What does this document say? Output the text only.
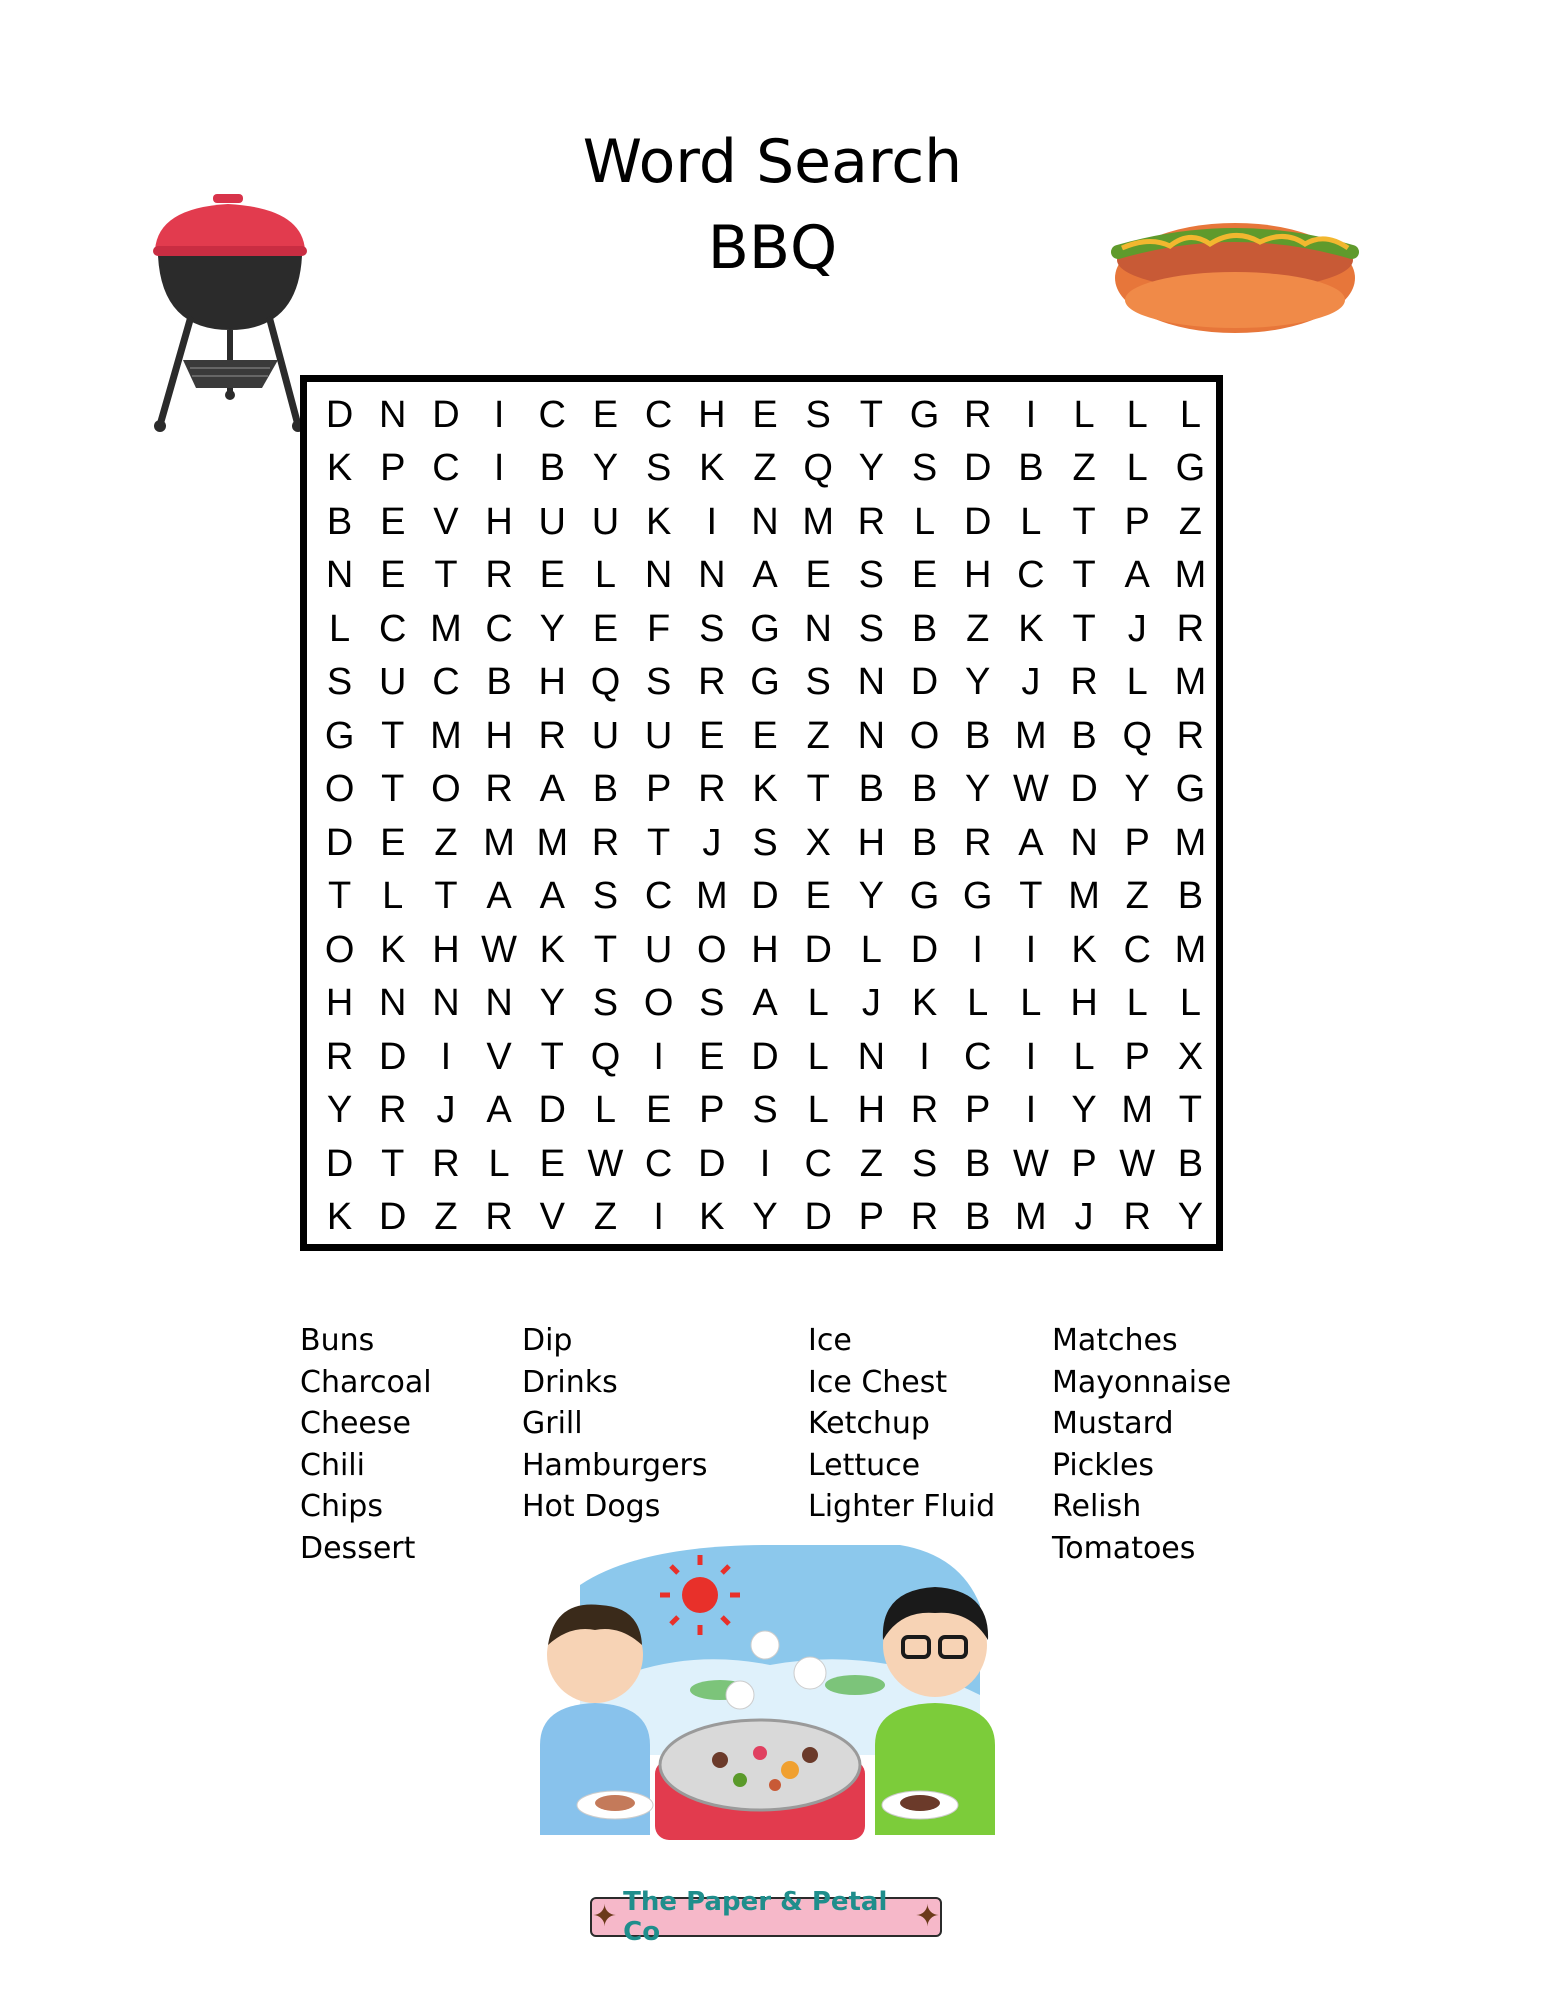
Word Search
BBQ
D N D I C E C H E S T G R I L L L
K P C I B Y S K Z Q Y S D B Z L G
B E V H U U K I N M R L D L T P Z
N E T R E L N N A E S E H C T A M
L C M C Y E F S G N S B Z K T J R
S U C B H Q S R G S N D Y J R L M
G T M H R U U E E Z N O B M B Q R
O T O R A B P R K T B B Y W D Y G
D E Z M M R T J S X H B R A N P M
T L T A A S C M D E Y G G T M Z B
O K H W K T U O H D L D I	I K C M
H N N N Y S O S A L J K L L H L L
R D I V T Q I E D L N I C I L P X
Y R J A D L E P S L H R P I Y M T
D T R L E W C D I C Z S B W P W B
K D Z R V Z I K Y D P R B M J R Y
Buns
Charcoal
Cheese
Chili
Chips
Dessert
Dip
Drinks
Grill
Hamburgers
Hot Dogs
Ice
Ice Chest
Ketchup
Lettuce
Lighter Fluid
Matches
Mayonnaise
Mustard
Pickles
Relish
Tomatoes
✦ The Paper & Petal Co	✦
